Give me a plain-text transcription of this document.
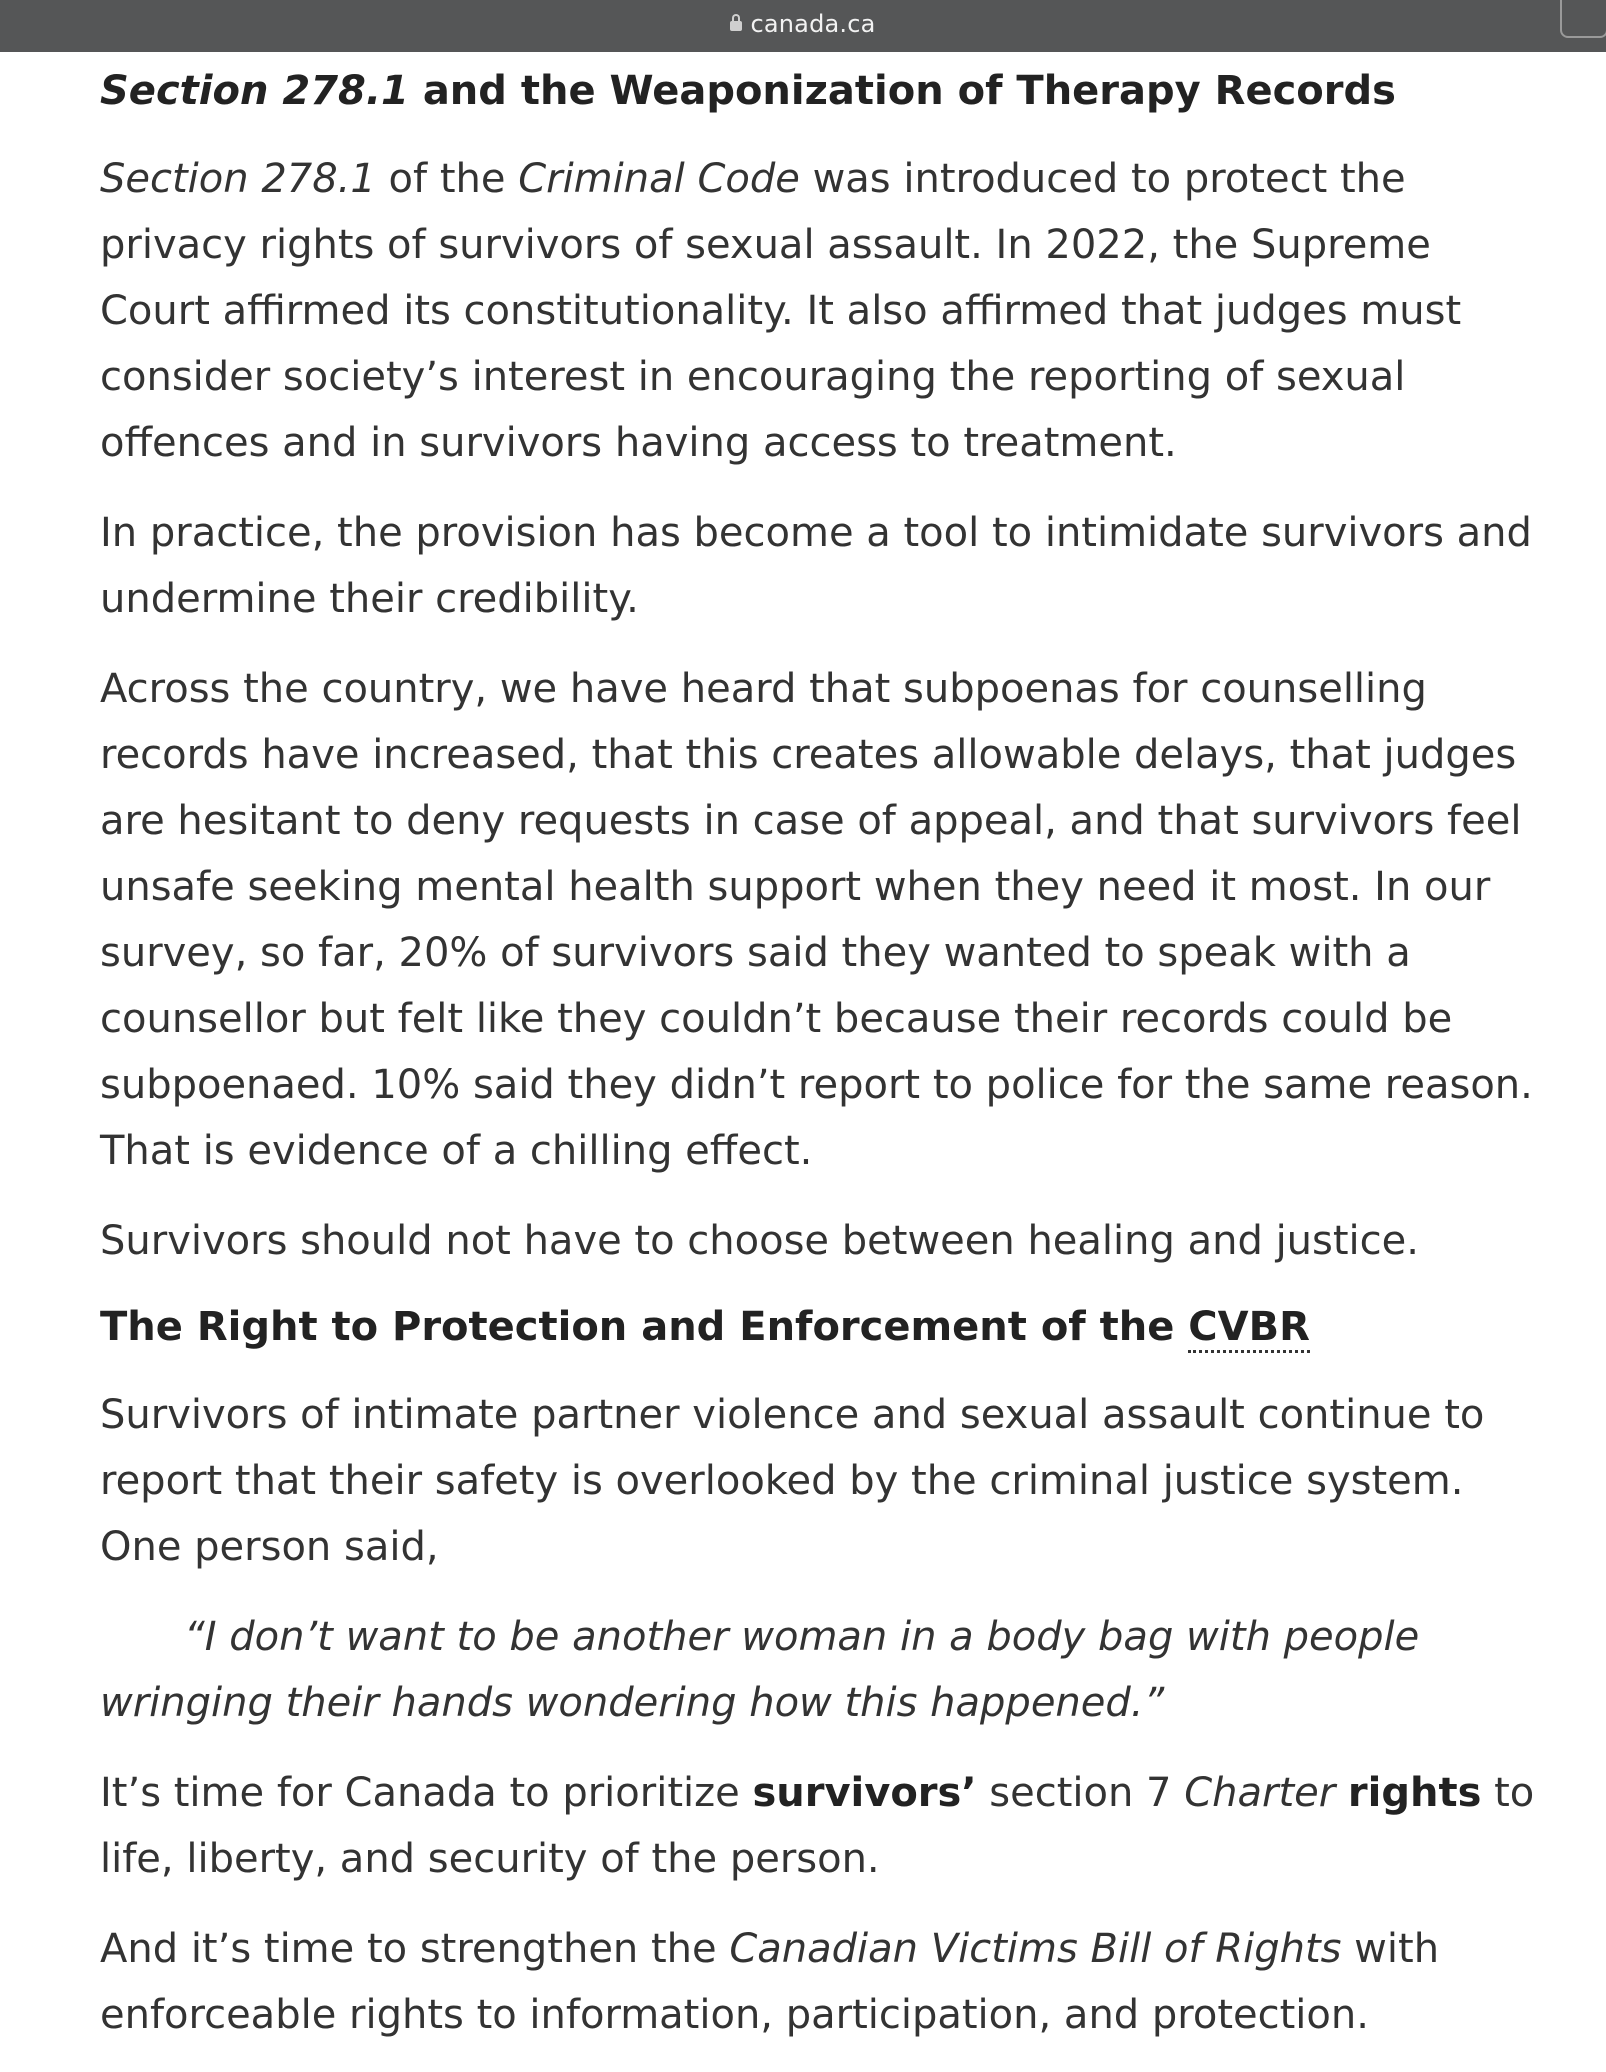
canada.ca
Section 278.1 and the Weaponization of Therapy Records

Section 278.1 of the Criminal Code was introduced to protect the privacy rights of survivors of sexual assault. In 2022, the Supreme Court affirmed its constitutionality. It also affirmed that judges must consider society’s interest in encouraging the reporting of sexual offences and in survivors having access to treatment.

In practice, the provision has become a tool to intimidate survivors and undermine their credibility.

Across the country, we have heard that subpoenas for counselling records have increased, that this creates allowable delays, that judges are hesitant to deny requests in case of appeal, and that survivors feel unsafe seeking mental health support when they need it most. In our survey, so far, 20% of survivors said they wanted to speak with a counsellor but felt like they couldn’t because their records could be subpoenaed. 10% said they didn’t report to police for the same reason. That is evidence of a chilling effect.

Survivors should not have to choose between healing and justice.

The Right to Protection and Enforcement of the CVBR

Survivors of intimate partner violence and sexual assault continue to report that their safety is overlooked by the criminal justice system. One person said,

“I don’t want to be another woman in a body bag with people wringing their hands wondering how this happened.”

It’s time for Canada to prioritize survivors’ section 7 Charter rights to life, liberty, and security of the person.

And it’s time to strengthen the Canadian Victims Bill of Rights with enforceable rights to information, participation, and protection.
